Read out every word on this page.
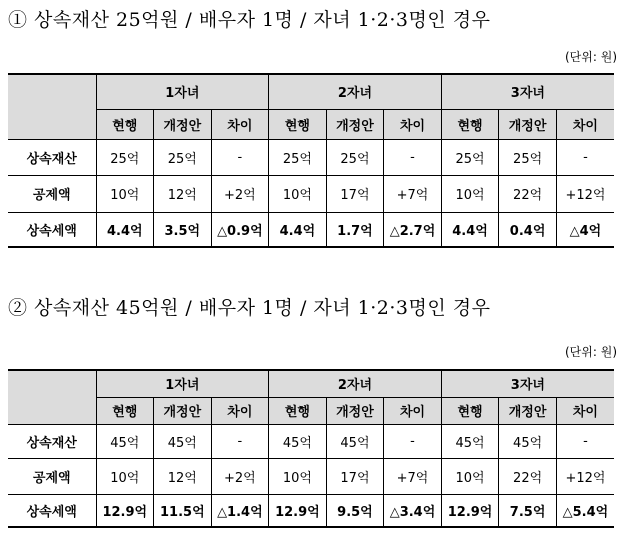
① 상속재산 25억원 / 배우자 1명 / 자녀 1·2·3명인 경우
(단위: 원)
	1자녀			2자녀			3자녀		
	현행	개정안	차이	현행	개정안	차이	현행	개정안	차이
상속재산	25억	25억	-	25억	25억	-	25억	25억	-
공제액	10억	12억	+2억	10억	17억	+7억	10억	22억	+12억
상속세액	4.4억	3.5억	△0.9억	4.4억	1.7억	△2.7억	4.4억	0.4억	△4억
② 상속재산 45억원 / 배우자 1명 / 자녀 1·2·3명인 경우
(단위: 원)
	1자녀			2자녀			3자녀		
	현행	개정안	차이	현행	개정안	차이	현행	개정안	차이
상속재산	45억	45억	-	45억	45억	-	45억	45억	-
공제액	10억	12억	+2억	10억	17억	+7억	10억	22억	+12억
상속세액	12.9억	11.5억	△1.4억	12.9억	9.5억	△3.4억	12.9억	7.5억	△5.4억
